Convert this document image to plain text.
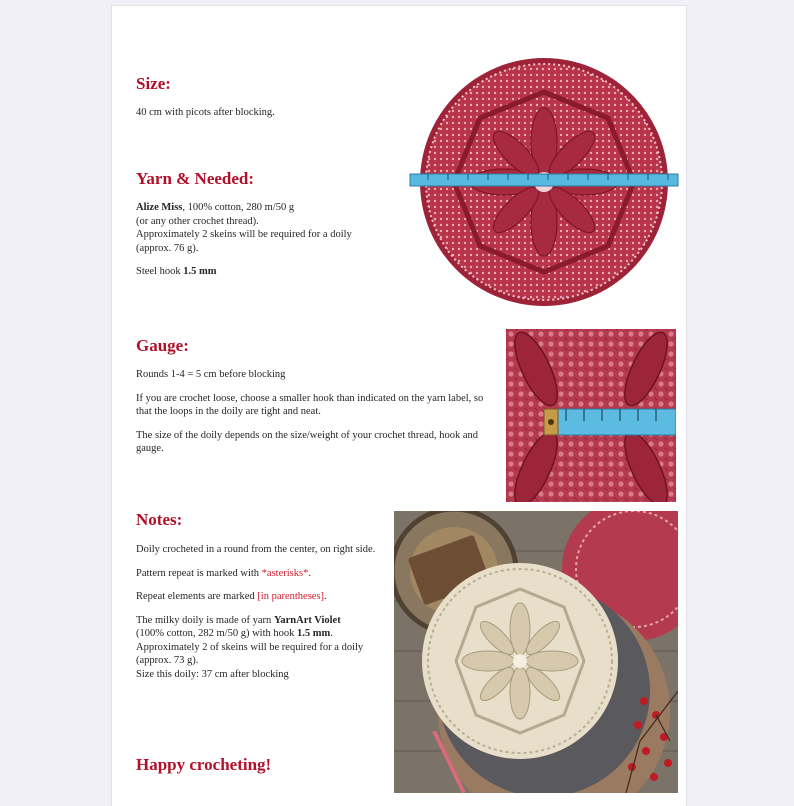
Size:

40 cm with picots after blocking.

Yarn & Needed:

Alize Miss, 100% cotton, 280 m/50 g

(or any other crochet thread).

Approximately 2 skeins will be required for a doily

(approx. 76 g).

Steel hook 1.5 mm

Gauge:

Rounds 1-4 = 5 cm before blocking

If you are crochet loose, choose a smaller hook than indicated on the yarn label, so that the loops in the doily are tight and neat.

The size of the doily depends on the size/weight of your crochet thread, hook and gauge.

Notes:

Doily crocheted in a round from the center, on right side.

Pattern repeat is marked with *asterisks*.

Repeat elements are marked [in parentheses].

The milky doily is made of yarn YarnArt Violet
(100% cotton, 282 m/50 g) with hook 1.5 mm.
Approximately 2 of skeins will be required for a doily (approx. 73 g).
Size this doily: 37 cm after blocking

Happy crocheting!
